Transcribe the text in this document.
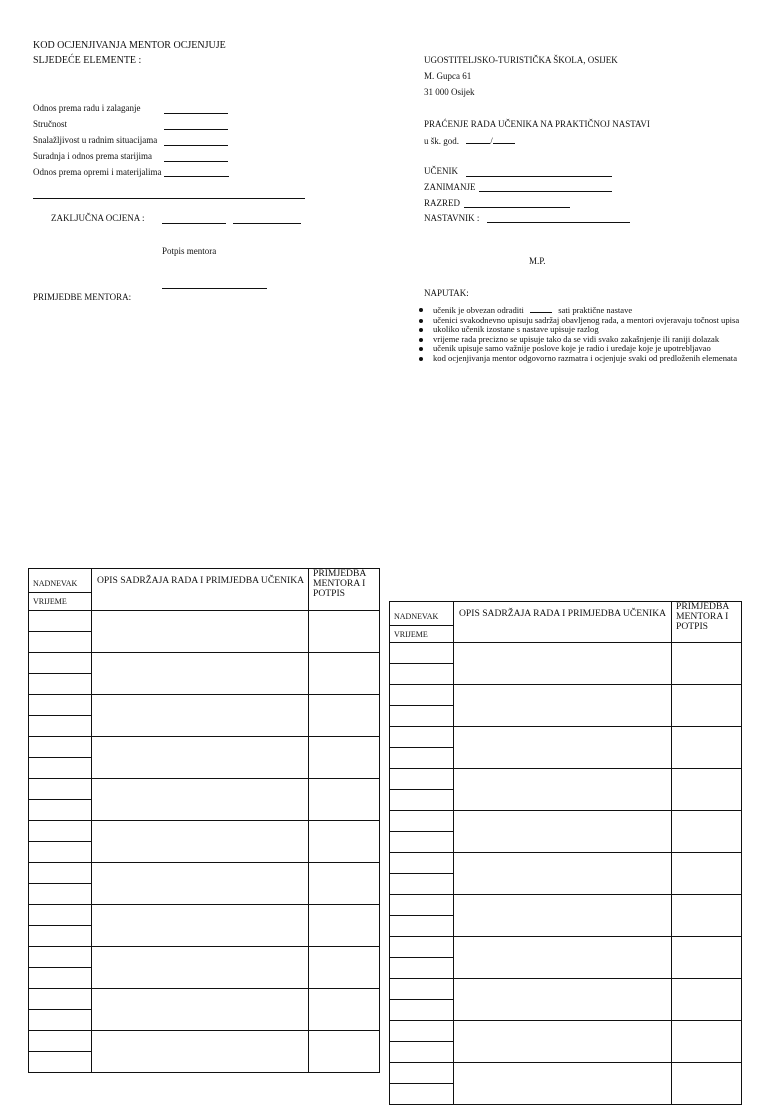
KOD OCJENJIVANJA MENTOR OCJENJUJE
SLJEDEĆE ELEMENTE :
Odnos prema radu i zalaganje
Stručnost
Snalažljivost u radnim situacijama
Suradnja i odnos prema starijima
Odnos prema opremi i materijalima
ZAKLJUČNA OCJENA :
Potpis mentora
PRIMJEDBE MENTORA:
UGOSTITELJSKO-TURISTIČKA ŠKOLA, OSIJEK
M. Gupca 61
31 000 Osijek
PRAĆENJE RADA UČENIKA NA PRAKTIČNOJ NASTAVI
u šk. god.	/
UČENIK
ZANIMANJE
RAZRED
NASTAVNIK :
M.P.
NAPUTAK:
učenik je obvezan odraditi	sati praktične nastave
učenici svakodnevno upisuju sadržaj obavljenog rada, a mentori ovjeravaju točnost upisa
ukoliko učenik izostane s nastave upisuje razlog
vrijeme rada precizno se upisuje tako da se vidi svako zakašnjenje ili raniji dolazak
učenik upisuje samo važnije poslove koje je radio i uređaje koje je upotrebljavao
kod ocjenjivanja mentor odgovorno razmatra i ocjenjuje svaki od predloženih elemenata
NADNEVAK
VRIJEME	OPIS SADRŽAJA RADA I PRIMJEDBA UČENIKA	PRIMJEDBA MENTORA I POTPIS

NADNEVAK
VRIJEME	OPIS SADRŽAJA RADA I PRIMJEDBA UČENIKA	PRIMJEDBA MENTORA I POTPIS
